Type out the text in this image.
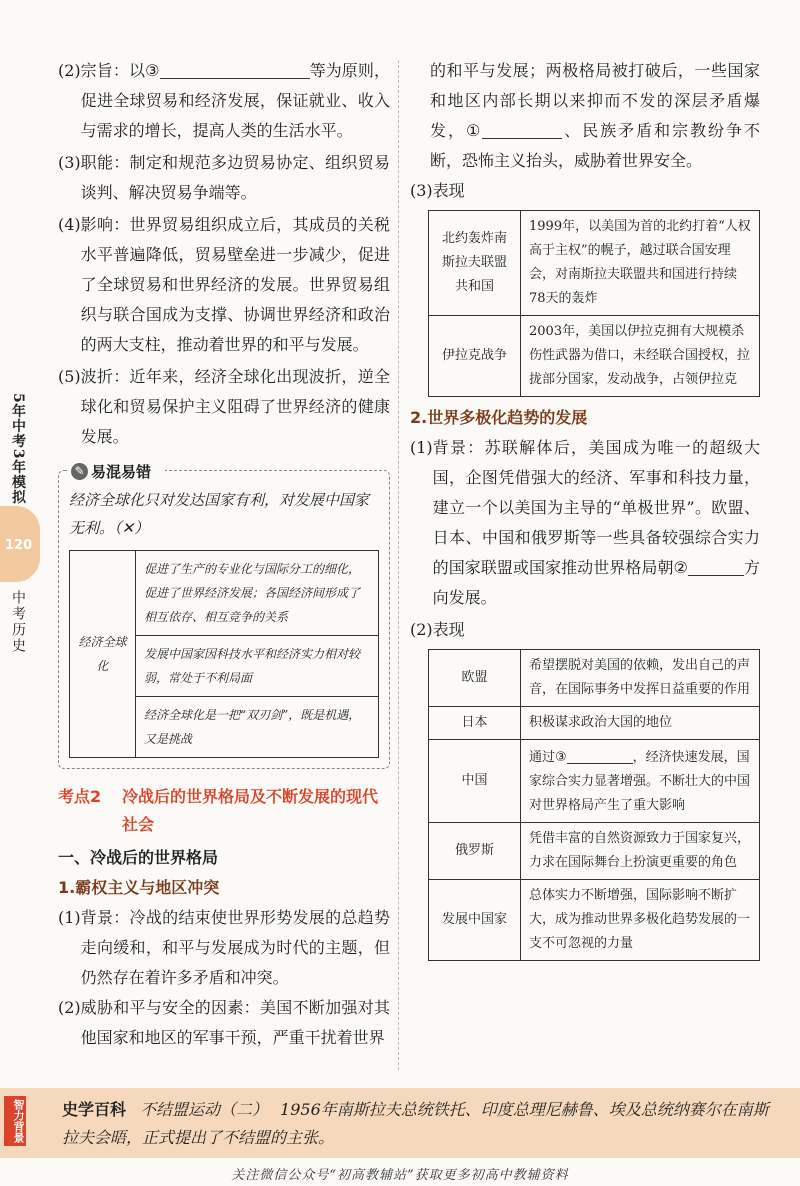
5年中考3年模拟
120
中考历史
(2) 宗旨：以③	等为原则，促进全球贸易和经济发展，保证就业、收入与需求的增长，提高人类的生活水平。
(3) 职能：制定和规范多边贸易协定、组织贸易谈判、解决贸易争端等。
(4) 影响：世界贸易组织成立后，其成员的关税水平普遍降低，贸易壁垒进一步减少，促进了全球贸易和世界经济的发展。世界贸易组织与联合国成为支撑、协调世界经济和政治的两大支柱，推动着世界的和平与发展。
(5) 波折：近年来，经济全球化出现波折，逆全球化和贸易保护主义阻碍了世界经济的健康发展。
✎ 易混易错
经济全球化只对发达国家有利，对发展中国家无利。（✕）
经济全球化	促进了生产的专业化与国际分工的细化，促进了世界经济发展；各国经济间形成了相互依存、相互竞争的关系
发展中国家因科技水平和经济实力相对较弱，常处于不利局面
经济全球化是一把“双刃剑”，既是机遇，又是挑战
考点2	冷战后的世界格局及不断发展的现代社会
一、冷战后的世界格局
1.霸权主义与地区冲突
(1) 背景：冷战的结束使世界形势发展的总趋势走向缓和，和平与发展成为时代的主题，但仍然存在着许多矛盾和冲突。
(2) 威胁和平与安全的因素：美国不断加强对其他国家和地区的军事干预，严重干扰着世界
的和平与发展；两极格局被打破后，一些国家和地区内部长期以来抑而不发的深层矛盾爆发，①	、民族矛盾和宗教纷争不断，恐怖主义抬头，威胁着世界安全。
(3)表现
北约轰炸南斯拉夫联盟共和国	1999年，以美国为首的北约打着“人权高于主权”的幌子，越过联合国安理会，对南斯拉夫联盟共和国进行持续78天的轰炸
伊拉克战争	2003年，美国以伊拉克拥有大规模杀伤性武器为借口，未经联合国授权，拉拢部分国家，发动战争，占领伊拉克
2.世界多极化趋势的发展
(1) 背景：苏联解体后，美国成为唯一的超级大国，企图凭借强大的经济、军事和科技力量，建立一个以美国为主导的“单极世界”。欧盟、日本、中国和俄罗斯等一些具备较强综合实力的国家联盟或国家推动世界格局朝②	方向发展。
(2)表现
欧盟	希望摆脱对美国的依赖，发出自己的声音，在国际事务中发挥日益重要的作用
日本	积极谋求政治大国的地位
中国	通过③ ，经济快速发展，国家综合实力显著增强。不断壮大的中国对世界格局产生了重大影响
俄罗斯	凭借丰富的自然资源致力于国家复兴，力求在国际舞台上扮演更重要的角色
发展中国家	总体实力不断增强，国际影响不断扩大，成为推动世界多极化趋势发展的一支不可忽视的力量
智力背景 史学百科 不结盟运动（二） 1956年南斯拉夫总统铁托、印度总理尼赫鲁、埃及总统纳赛尔在南斯拉夫会晤，正式提出了不结盟的主张。
关注微信公众号“初高教辅站”获取更多初高中教辅资料
